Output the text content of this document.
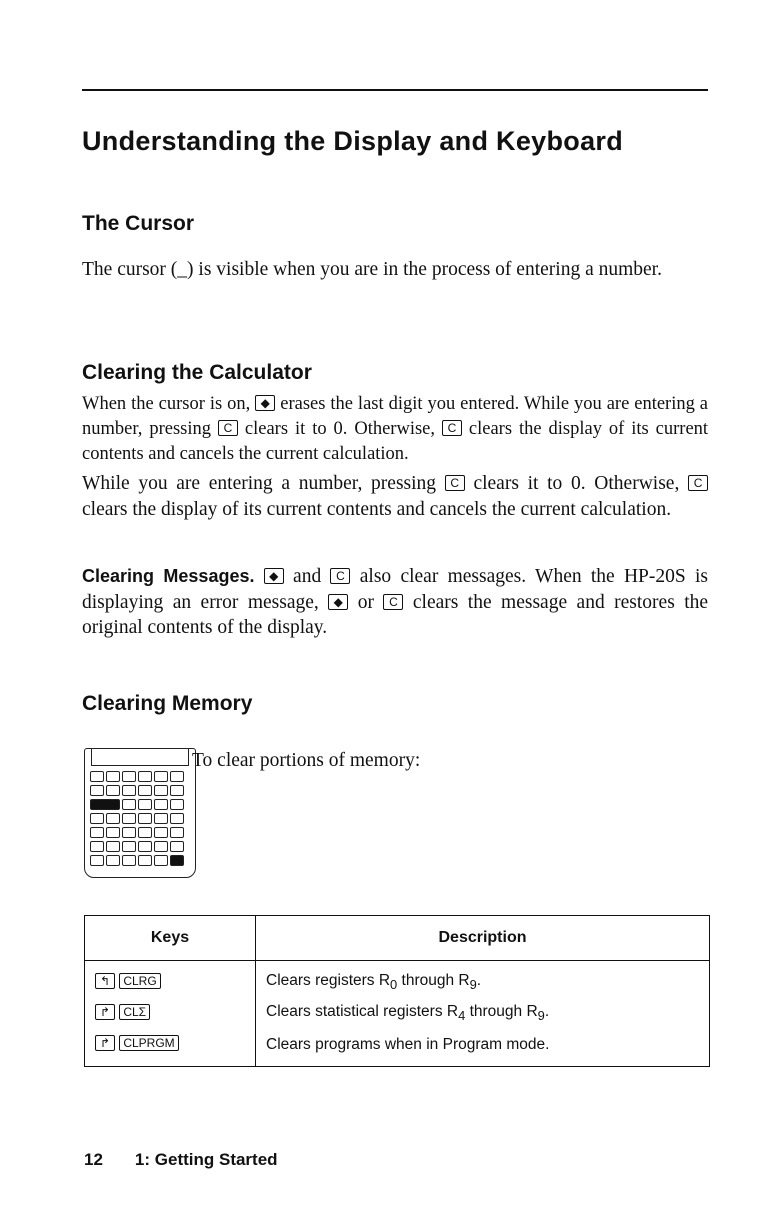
Understanding the Display and Keyboard
The Cursor
The cursor (_) is visible when you are in the process of entering a number.
Clearing the Calculator
When the cursor is on, ◆ erases the last digit you entered. While you are entering a number, pressing C clears it to 0. Otherwise, C clears the display of its current contents and cancels the current calculation.
While you are entering a number, pressing C clears it to 0. Otherwise, C clears the display of its current contents and cancels the current calculation.
Clearing Messages. ◆ and C also clear messages. When the HP-20S is displaying an error message, ◆ or C clears the message and restores the original contents of the display.
Clearing Memory
To clear portions of memory:
Keys	Description
↰ CLRG	Clears registers $R_0$ through $R_9$.
↱ CLΣ	Clears statistical registers $R_4$ through $R_9$.
↱ CLPRGM	Clears programs when in Program mode.
12 1: Getting Started
